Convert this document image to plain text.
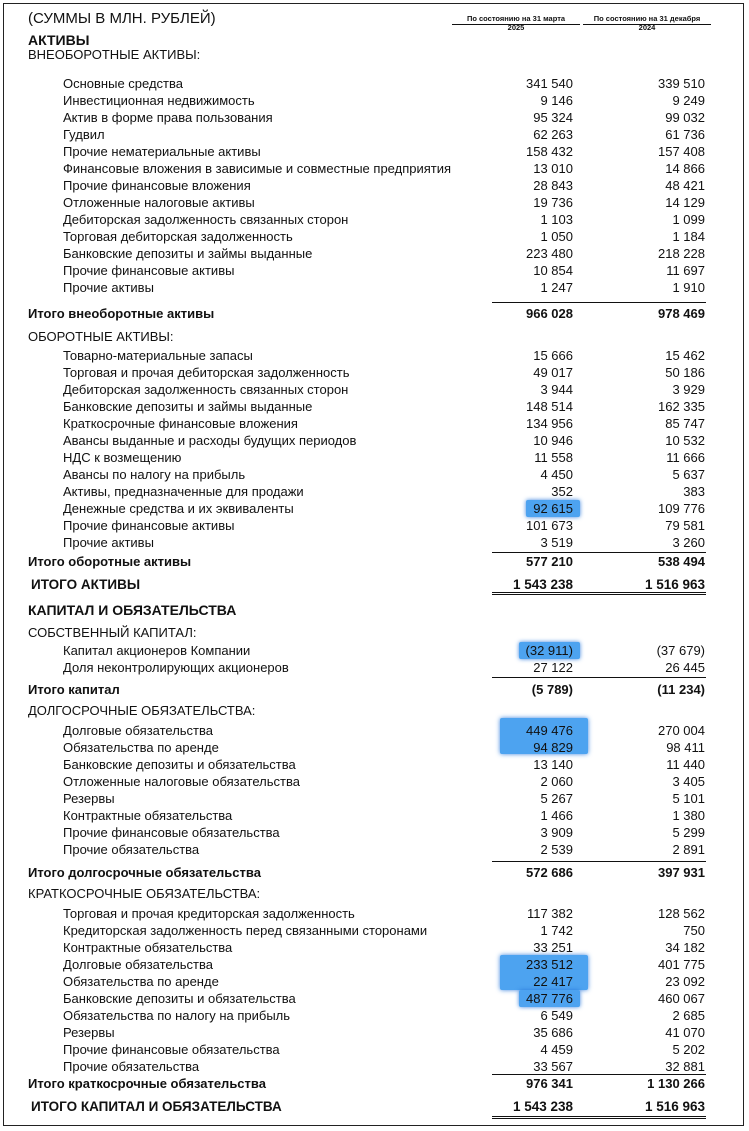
(СУММЫ В МЛН. РУБЛЕЙ)	По состоянию на 31 марта
2025
По состоянию на 31 декабря
2024
АКТИВЫ
ВНЕОБОРОТНЫЕ АКТИВЫ:
Основные средства	341 540	339 510
Инвестиционная недвижимость	9 146	9 249
Актив в форме права пользования	95 324	99 032
Гудвил	62 263	61 736
Прочие нематериальные активы	158 432	157 408
Финансовые вложения в зависимые и совместные предприятия	13 010	14 866
Прочие финансовые вложения	28 843	48 421
Отложенные налоговые активы	19 736	14 129
Дебиторская задолженность связанных сторон	1 103	1 099
Торговая дебиторская задолженность	1 050	1 184
Банковские депозиты и займы выданные	223 480	218 228
Прочие финансовые активы	10 854	11 697
Прочие активы	1 247	1 910
Итого внеоборотные активы	966 028	978 469
ОБОРОТНЫЕ АКТИВЫ:
Товарно-материальные запасы	15 666	15 462
Торговая и прочая дебиторская задолженность	49 017	50 186
Дебиторская задолженность связанных сторон	3 944	3 929
Банковские депозиты и займы выданные	148 514	162 335
Краткосрочные финансовые вложения	134 956	85 747
Авансы выданные и расходы будущих периодов	10 946	10 532
НДС к возмещению	11 558	11 666
Авансы по налогу на прибыль	4 450	5 637
Активы, предназначенные для продажи	352	383
Денежные средства и их эквиваленты	92 615	109 776
Прочие финансовые активы	101 673	79 581
Прочие активы	3 519	3 260
Итого оборотные активы	577 210	538 494
ИТОГО АКТИВЫ	1 543 238	1 516 963
КАПИТАЛ И ОБЯЗАТЕЛЬСТВА
СОБСТВЕННЫЙ КАПИТАЛ:
Капитал акционеров Компании	(32 911)	(37 679)
Доля неконтролирующих акционеров	27 122	26 445
Итого капитал	(5 789)	(11 234)
ДОЛГОСРОЧНЫЕ ОБЯЗАТЕЛЬСТВА:
Долговые обязательства	449 476	270 004
Обязательства по аренде	94 829	98 411
Банковские депозиты и обязательства	13 140	11 440
Отложенные налоговые обязательства	2 060	3 405
Резервы	5 267	5 101
Контрактные обязательства	1 466	1 380
Прочие финансовые обязательства	3 909	5 299
Прочие обязательства	2 539	2 891
Итого долгосрочные обязательства	572 686	397 931
КРАТКОСРОЧНЫЕ ОБЯЗАТЕЛЬСТВА:
Торговая и прочая кредиторская задолженность	117 382	128 562
Кредиторская задолженность перед связанными сторонами	1 742	750
Контрактные обязательства	33 251	34 182
Долговые обязательства	233 512	401 775
Обязательства по аренде	22 417	23 092
Банковские депозиты и обязательства	487 776	460 067
Обязательства по налогу на прибыль	6 549	2 685
Резервы	35 686	41 070
Прочие финансовые обязательства	4 459	5 202
Прочие обязательства	33 567	32 881
Итого краткосрочные обязательства	976 341	1 130 266
ИТОГО КАПИТАЛ И ОБЯЗАТЕЛЬСТВА	1 543 238	1 516 963
